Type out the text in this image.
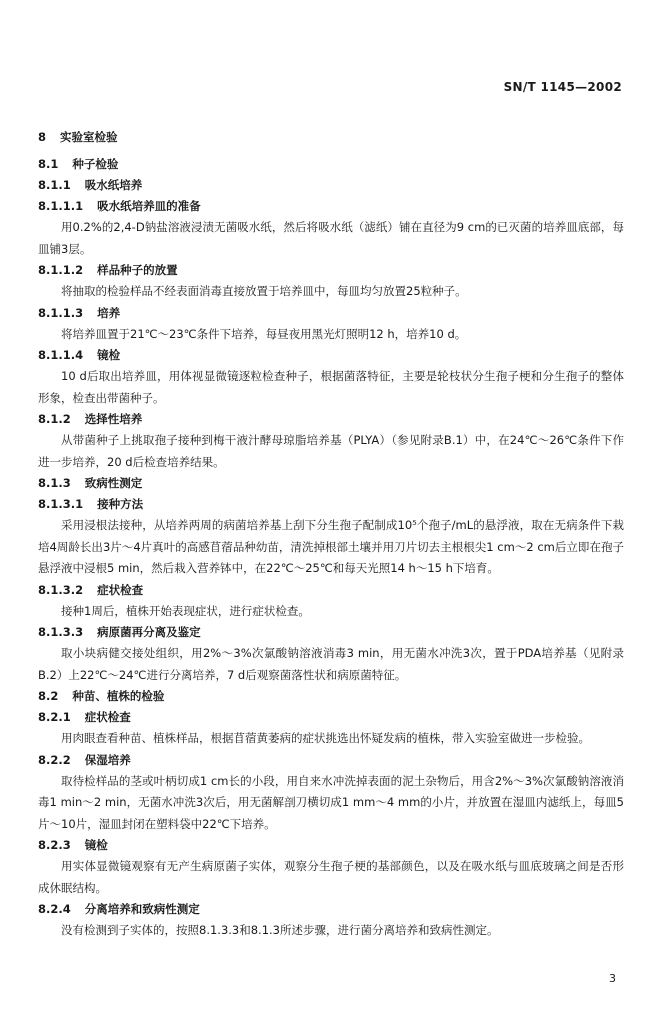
SN/T 1145—2002
8 实验室检验
8.1 种子检验
8.1.1 吸水纸培养
8.1.1.1 吸水纸培养皿的准备

用0.2%的2,4-D钠盐溶液浸渍无菌吸水纸，然后将吸水纸（滤纸）铺在直径为9 cm的已灭菌的培养皿底部，每皿铺3层。

8.1.1.2 样品种子的放置

将抽取的检验样品不经表面消毒直接放置于培养皿中，每皿均匀放置25粒种子。

8.1.1.3 培养

将培养皿置于21℃～23℃条件下培养，每昼夜用黑光灯照明12 h，培养10 d。

8.1.1.4 镜检

10 d后取出培养皿，用体视显微镜逐粒检查种子，根据菌落特征，主要是轮枝状分生孢子梗和分生孢子的整体形象，检查出带菌种子。

8.1.2 选择性培养

从带菌种子上挑取孢子接种到梅干液汁酵母琼脂培养基（PLYA）（参见附录B.1）中，在24℃～26℃条件下作进一步培养，20 d后检查培养结果。

8.1.3 致病性测定
8.1.3.1 接种方法

采用浸根法接种，从培养两周的病菌培养基上刮下分生孢子配制成10⁵个孢子/mL的悬浮液，取在无病条件下栽培4周龄长出3片～4片真叶的高感苜蓿品种幼苗，清洗掉根部土壤并用刀片切去主根根尖1 cm～2 cm后立即在孢子悬浮液中浸根5 min，然后栽入营养钵中，在22℃～25℃和每天光照14 h～15 h下培育。

8.1.3.2 症状检查

接种1周后，植株开始表现症状，进行症状检查。

8.1.3.3 病原菌再分离及鉴定

取小块病健交接处组织，用2%～3%次氯酸钠溶液消毒3 min，用无菌水冲洗3次，置于PDA培养基（见附录B.2）上22℃～24℃进行分离培养，7 d后观察菌落性状和病原菌特征。

8.2 种苗、植株的检验
8.2.1 症状检查

用肉眼查看种苗、植株样品，根据苜蓿黄萎病的症状挑选出怀疑发病的植株，带入实验室做进一步检验。

8.2.2 保湿培养

取待检样品的茎或叶柄切成1 cm长的小段，用自来水冲洗掉表面的泥土杂物后，用含2%～3%次氯酸钠溶液消毒1 min～2 min，无菌水冲洗3次后，用无菌解剖刀横切成1 mm～4 mm的小片，并放置在湿皿内滤纸上，每皿5片～10片，湿皿封闭在塑料袋中22℃下培养。

8.2.3 镜检

用实体显微镜观察有无产生病原菌子实体，观察分生孢子梗的基部颜色，以及在吸水纸与皿底玻璃之间是否形成休眠结构。

8.2.4 分离培养和致病性测定

没有检测到子实体的，按照8.1.3.3和8.1.3所述步骤，进行菌分离培养和致病性测定。

3
